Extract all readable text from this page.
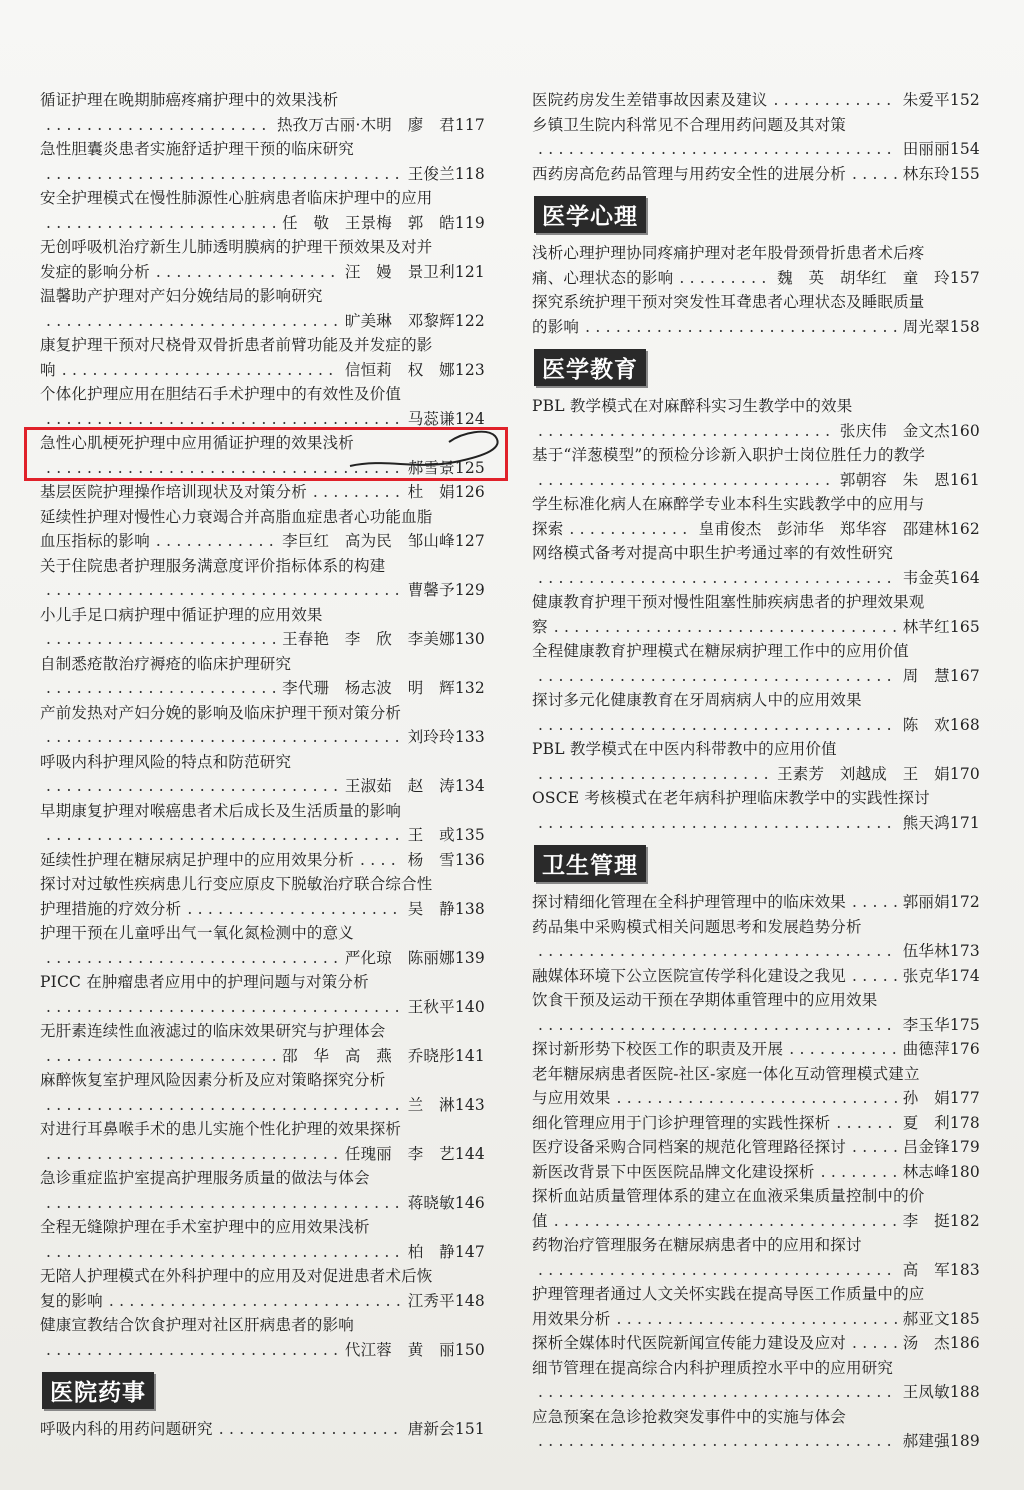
循证护理在晚期肺癌疼痛护理中的效果浅析
. . .
热孜万古丽·木明　廖　君 117
急性胆囊炎患者实施舒适护理干预的临床研究
. . .
王俊兰 118
安全护理模式在慢性肺源性心脏病患者临床护理中的应用
. . .
任　敬　王景梅　郭　皓 119
无创呼吸机治疗新生儿肺透明膜病的护理干预效果及对并
发症的影响分析 . . .	汪　嫚　景卫利 121
温馨助产护理对产妇分娩结局的影响研究
. . .
旷美琳　邓黎辉 122
康复护理干预对尺桡骨双骨折患者前臂功能及并发症的影
响 . . .	信恒莉　权　娜 123
个体化护理应用在胆结石手术护理中的有效性及价值
. . .
马蕊谦 124
急性心肌梗死护理中应用循证护理的效果浅析
. . .
郝雪景 125
基层医院护理操作培训现状及对策分析 . . .	杜　娟 126
延续性护理对慢性心力衰竭合并高脂血症患者心功能血脂
血压指标的影响 . . .	李巨红　高为民　邹山峰 127
关于住院患者护理服务满意度评价指标体系的构建
. . .
曹馨予 129
小儿手足口病护理中循证护理的应用效果
. . .
王春艳　李　欣　李美娜 130
自制悉疮散治疗褥疮的临床护理研究
. . .
李代珊　杨志波　明　辉 132
产前发热对产妇分娩的影响及临床护理干预对策分析
. . .
刘玲玲 133
呼吸内科护理风险的特点和防范研究
. . .
王淑茹　赵　涛 134
早期康复护理对喉癌患者术后成长及生活质量的影响
. . .
王　或 135
延续性护理在糖尿病足护理中的应用效果分析 . . .	杨　雪 136
探讨对过敏性疾病患儿行变应原皮下脱敏治疗联合综合性
护理措施的疗效分析 . . .	吴　静 138
护理干预在儿童呼出气一氧化氮检测中的意义
. . .
严化琼　陈丽娜 139
PICC 在肿瘤患者应用中的护理问题与对策分析
. . .
王秋平 140
无肝素连续性血液滤过的临床效果研究与护理体会
. . .
邵　华　高　燕　乔晓彤 141
麻醉恢复室护理风险因素分析及应对策略探究分析
. . .
兰　淋 143
对进行耳鼻喉手术的患儿实施个性化护理的效果探析
. . .
任瑰丽　李　艺 144
急诊重症监护室提高护理服务质量的做法与体会
. . .
蒋晓敏 146
全程无缝隙护理在手术室护理中的应用效果浅析
. . .
柏　静 147
无陪人护理模式在外科护理中的应用及对促进患者术后恢
复的影响 . . .	江秀平 148
健康宣教结合饮食护理对社区肝病患者的影响
. . .
代江蓉　黄　丽 150
医院药事
呼吸内科的用药问题研究 . . .	唐新会 151
医院药房发生差错事故因素及建议 . . .	朱爱平 152
乡镇卫生院内科常见不合理用药问题及其对策
. . .
田丽丽 154
西药房高危药品管理与用药安全性的进展分析 . . .	林东玲 155
医学心理
浅析心理护理协同疼痛护理对老年股骨颈骨折患者术后疼
痛、心理状态的影响 . . .	魏　英　胡华红　童　玲 157
探究系统护理干预对突发性耳聋患者心理状态及睡眠质量
的影响 . . .	周光翠 158
医学教育
PBL 教学模式在对麻醉科实习生教学中的效果
. . .
张庆伟　金文杰 160
基于“洋葱模型”的预检分诊新入职护士岗位胜任力的教学
. . .
郭朝容　朱　恩 161
学生标准化病人在麻醉学专业本科生实践教学中的应用与
探索 . . .	皇甫俊杰　彭沛华　郑华容　邵建林 162
网络模式备考对提高中职生护考通过率的有效性研究
. . .
韦金英 164
健康教育护理干预对慢性阻塞性肺疾病患者的护理效果观
察 . . .	林芊红 165
全程健康教育护理模式在糖尿病护理工作中的应用价值
. . .
周　慧 167
探讨多元化健康教育在牙周病病人中的应用效果
. . .
陈　欢 168
PBL 教学模式在中医内科带教中的应用价值
. . .
王素芳　刘越成　王　娟 170
OSCE 考核模式在老年病科护理临床教学中的实践性探讨
. . .
熊天鸿 171
卫生管理
探讨精细化管理在全科护理管理中的临床效果 . . .	郭丽娟 172
药品集中采购模式相关问题思考和发展趋势分析
. . .
伍华林 173
融媒体环境下公立医院宣传学科化建设之我见 . . .	张克华 174
饮食干预及运动干预在孕期体重管理中的应用效果
. . .
李玉华 175
探讨新形势下校医工作的职责及开展 . . .	曲德萍 176
老年糖尿病患者医院-社区-家庭一体化互动管理模式建立
与应用效果 . . .	孙　娟 177
细化管理应用于门诊护理管理的实践性探析 . . .	夏　利 178
医疗设备采购合同档案的规范化管理路径探讨 . . .	吕金锋 179
新医改背景下中医医院品牌文化建设探析 . . .	林志峰 180
探析血站质量管理体系的建立在血液采集质量控制中的价
值 . . .	李　挺 182
药物治疗管理服务在糖尿病患者中的应用和探讨
. . .
高　军 183
护理管理者通过人文关怀实践在提高导医工作质量中的应
用效果分析 . . .	郝亚文 185
探析全媒体时代医院新闻宣传能力建设及应对 . . .	汤　杰 186
细节管理在提高综合内科护理质控水平中的应用研究
. . .
王凤敏 188
应急预案在急诊抢救突发事件中的实施与体会
. . .
郝建强 189
